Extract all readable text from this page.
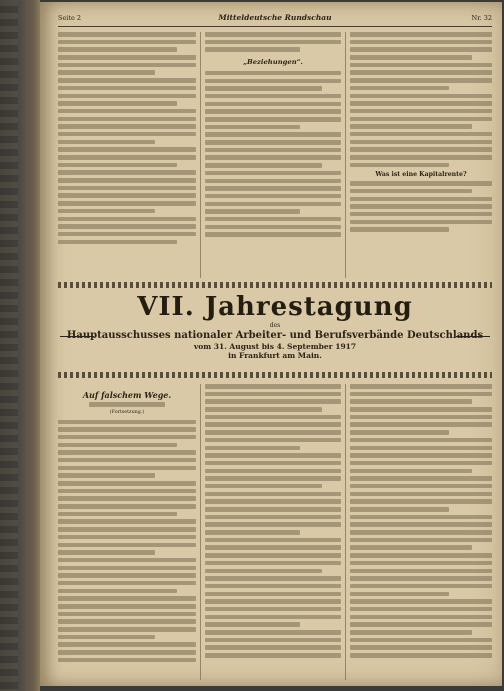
Seite 2	Mitteldeutsche Rundschau	Nr. 32
„Beziehungen“.
Was ist eine Kapitalrente?
VII. Jahrestagung
des
Hauptausschusses nationaler Arbeiter- und Berufsverbände Deutschlands
vom 31. August bis 4. September 1917
in Frankfurt am Main.
Auf falschem Wege.
(Fortsetzung.)
